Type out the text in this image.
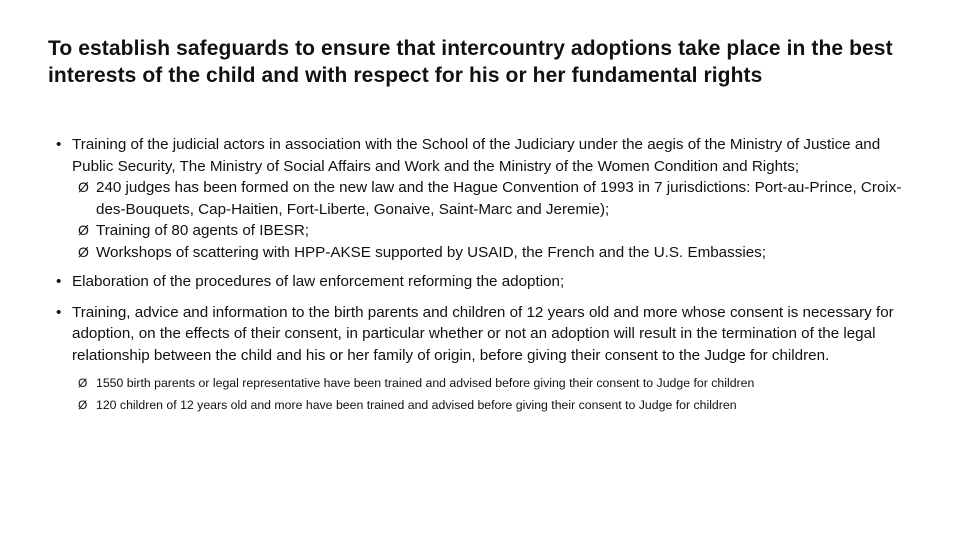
To establish safeguards to ensure that intercountry adoptions take place in the best interests of the child and with respect for his or her fundamental rights
• Training of the judicial actors in association with the School of the Judiciary under the aegis of the Ministry of Justice and Public Security, The Ministry of Social Affairs and Work and the Ministry of the Women Condition and Rights;
Ø 240 judges has been formed on the new law and the Hague Convention of 1993 in 7 jurisdictions: Port-au-Prince, Croix-des-Bouquets, Cap-Haitien, Fort-Liberte, Gonaive, Saint-Marc and Jeremie);
Ø Training of 80 agents of IBESR;
Ø Workshops of scattering with HPP-AKSE supported by USAID, the French and the U.S. Embassies;
• Elaboration of the procedures of law enforcement reforming the adoption;
• Training, advice and information to the birth parents and children of 12 years old and more whose consent is necessary for adoption, on the effects of their consent, in particular whether or not an adoption will result in the termination of the legal relationship between the child and his or her family of origin, before giving their consent to the Judge for children.
Ø 1550 birth parents or legal representative have been trained and advised before giving their consent to Judge for children
Ø 120 children of 12 years old and more have been trained and advised before giving their consent to Judge for children
